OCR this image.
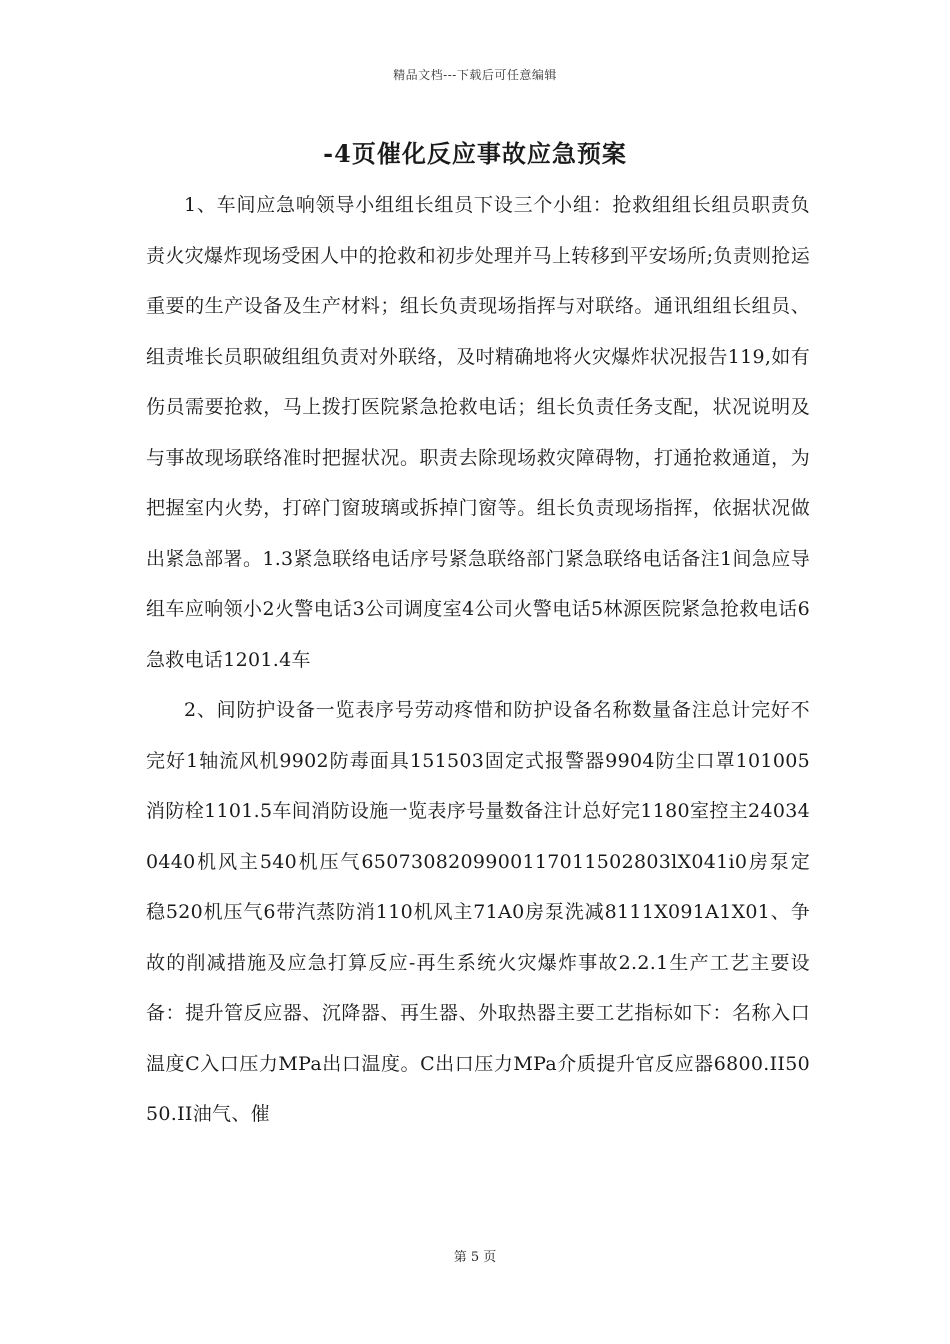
精品文档---下载后可任意编辑
-4页催化反应事故应急预案

1、车间应急响领导小组组长组员下设三个小组：抢救组组长组员职责负责火灾爆炸现场受困人中的抢救和初步处理并马上转移到平安场所;负责则抢运重要的生产设备及生产材料；组长负责现场指挥与对联络。通讯组组长组员、组责堆长员职破组组负责对外联络，及吋精确地将火灾爆炸状况报告119,如有伤员需要抢救，马上拨打医院紧急抢救电话；组长负责任务支配，状况说明及与事故现场联络准时把握状况。职责去除现场救灾障碍物，打通抢救通道，为把握室内火势，打碎门窗玻璃或拆掉门窗等。组长负责现场指挥，依据状况做出紧急部署。1.3紧急联络电话序号紧急联络部门紧急联络电话备注1间急应导组车应响领小2火警电话3公司调度室4公司火警电话5林源医院紧急抢救电话6急救电话1201.4车

2、间防护设备一览表序号劳动疼惜和防护设备名称数量备注总计完好不完好1轴流风机9902防毒面具151503固定式报警器9904防尘口罩101005消防栓1101.5车间消防设施一览表序号量数备注计总好完1180室控主240340440机风主540机压气6507308209900117011502803lX041i0房泵定稳520机压气6带汽蒸防消110机风主71A0房泵洗减8111X091A1X01、争故的削减措施及应急打算反应-再生系统火灾爆炸事故2.2.1生产工艺主要设备：提升管反应器、沉降器、再生器、外取热器主要工艺指标如下：名称入口温度C入口压力MPa出口温度。C出口压力MPa介质提升官反应器6800.II5050.II油气、催

第 5 页
